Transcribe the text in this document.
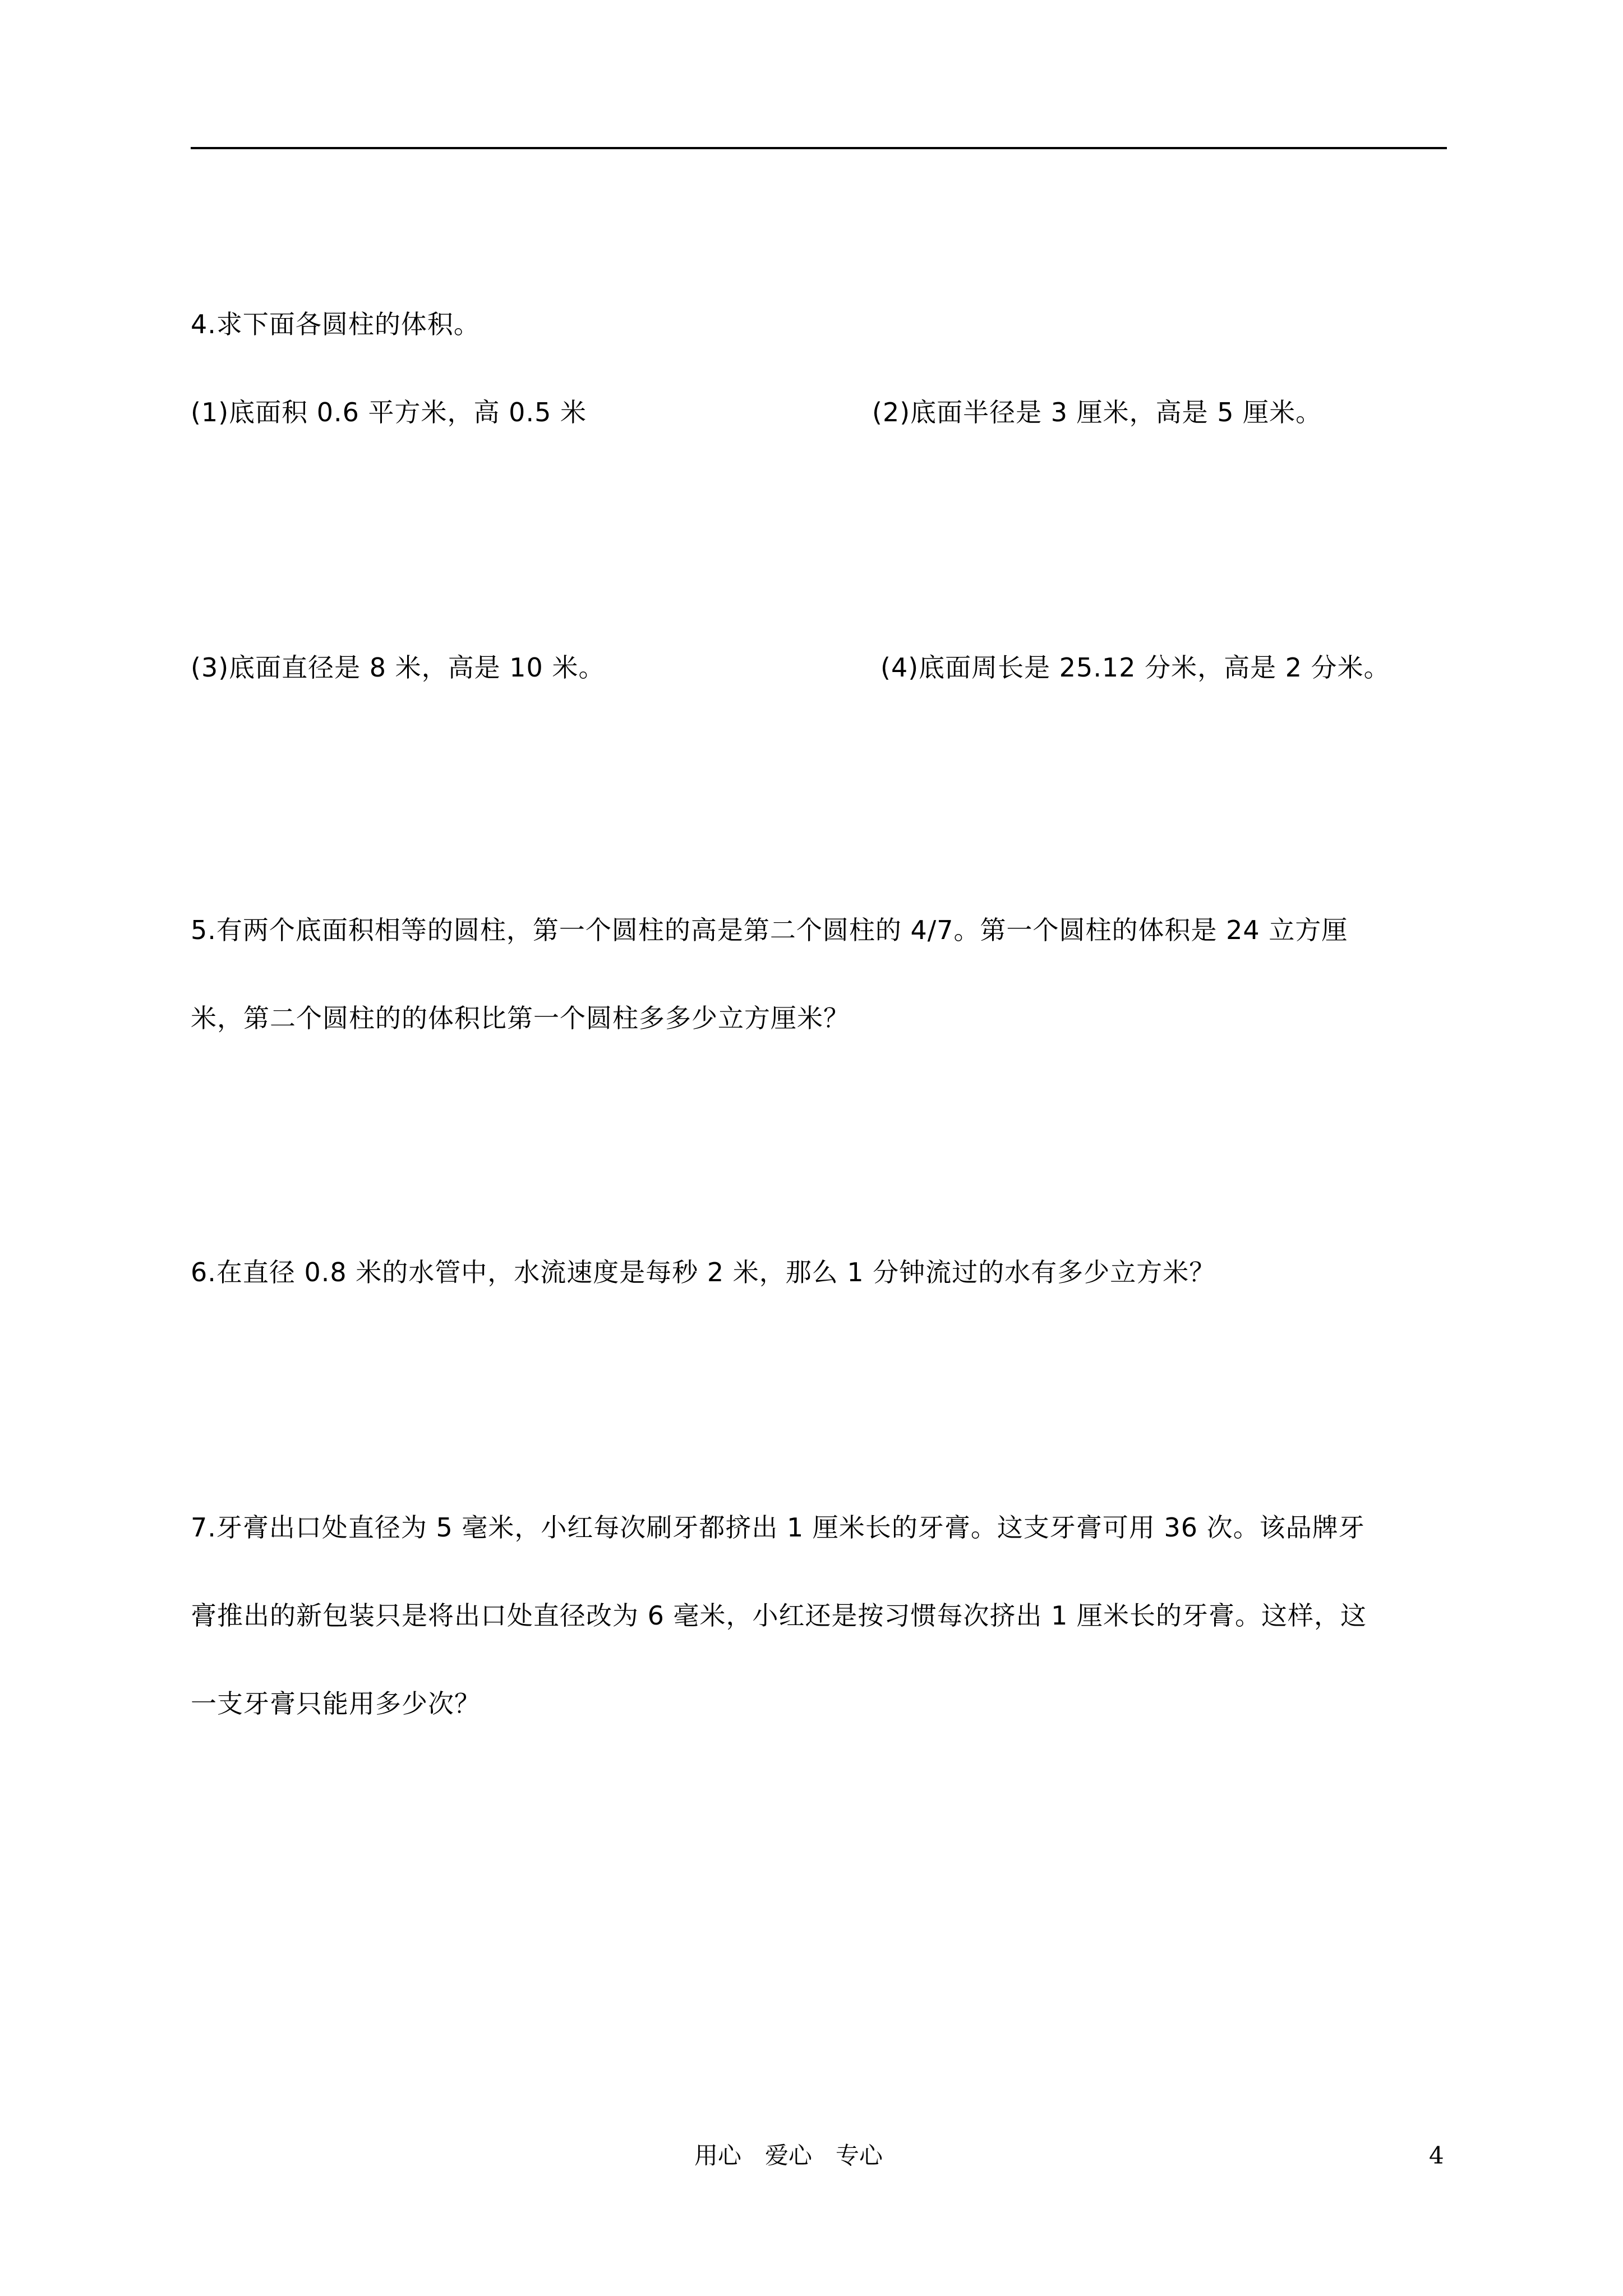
4.求下面各圆柱的体积。
(1)底面积 0.6 平方米，高 0.5 米	(2)底面半径是 3 厘米，高是 5 厘米。
(3)底面直径是 8 米，高是 10 米。	(4)底面周长是 25.12 分米，高是 2 分米。
5.有两个底面积相等的圆柱，第一个圆柱的高是第二个圆柱的 4/7。第一个圆柱的体积是 24 立方厘
米，第二个圆柱的的体积比第一个圆柱多多少立方厘米？
6.在直径 0.8 米的水管中，水流速度是每秒 2 米，那么 1 分钟流过的水有多少立方米？
7.牙膏出口处直径为 5 毫米，小红每次刷牙都挤出 1 厘米长的牙膏。这支牙膏可用 36 次。该品牌牙
膏推出的新包装只是将出口处直径改为 6 毫米，小红还是按习惯每次挤出 1 厘米长的牙膏。这样，这
一支牙膏只能用多少次？
用心　爱心　专心	4
